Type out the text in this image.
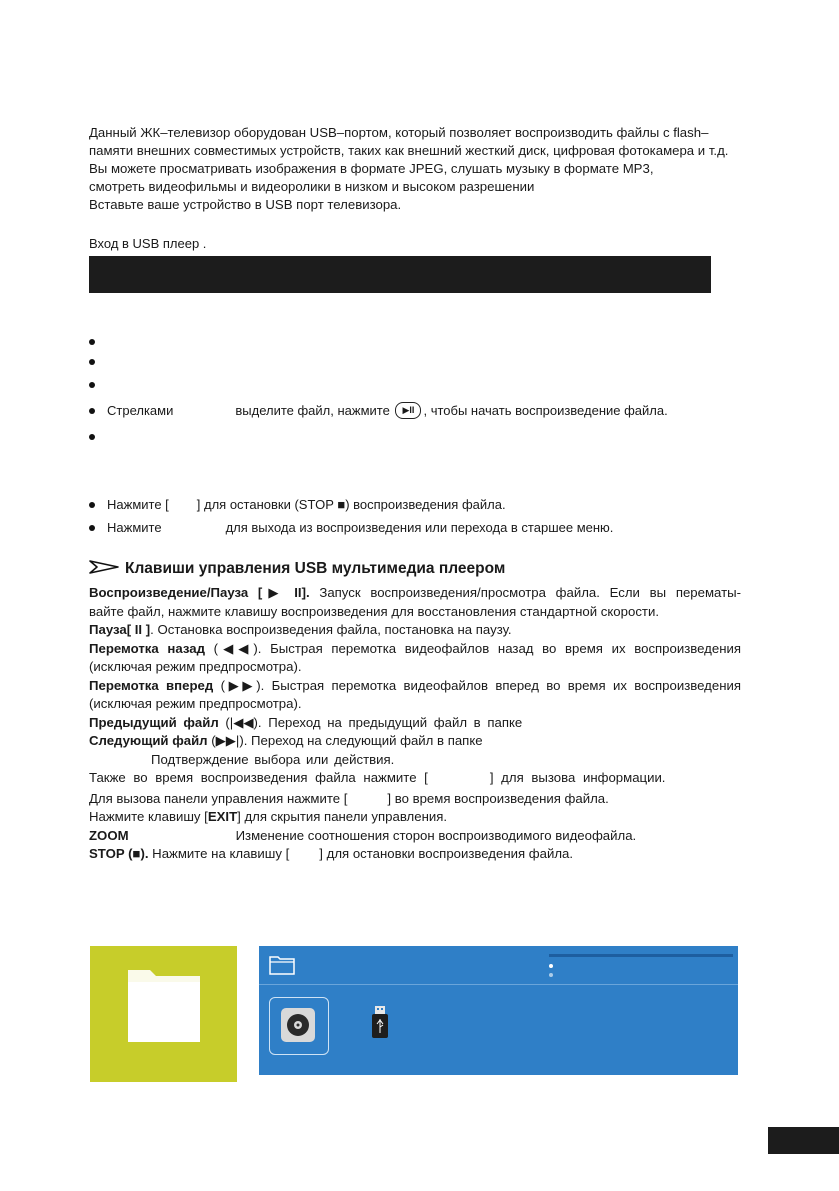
Данный ЖК–телевизор оборудован USB–портом, который позволяет воспроизводить файлы с flash–
памяти внешних совместимых устройств, таких как внешний жесткий диск, цифровая фотокамера и т.д.
Вы можете просматривать изображения в формате JPEG, слушать музыку в формате MP3,
смотреть видеофильмы и видеоролики в низком и высоком разрешении
Вставьте ваше устройство в USB порт телевизора.
Вход в USB плеер .
Стрелками	выделите файл, нажмите ▶II , чтобы начать воспроизведение файла.
Нажмите [ ] для остановки (STOP ■) воспроизведения файла.
Нажмите	для выхода из воспроизведения или перехода в старшее меню.
Клавиши управления USB мультимедиа плеером
Воспроизведение/Пауза [▶ II]. Запуск воспроизведения/просмотра файла. Если вы перематы-
вайте файл, нажмите клавишу воспроизведения для восстановления стандартной скорости.
Пауза[ II ]. Остановка воспроизведения файла, постановка на паузу.
Перемотка назад (◀◀). Быстрая перемотка видеофайлов назад во время их воспроизведения
(исключая режим предпросмотра).
Перемотка вперед (▶▶). Быстрая перемотка видеофайлов вперед во время их воспроизведения
(исключая режим предпросмотра).
Предыдущий файл (|◀◀). Переход на предыдущий файл в папке
Следующий файл (▶▶|). Переход на следующий файл в папке
Подтверждение выбора или действия.
Также во время воспроизведения файла нажмите [	] для вызова информации.
Для вызова панели управления нажмите [	] во время воспроизведения файла.
Нажмите клавишу [EXIT] для скрытия панели управления.
ZOOM	Изменение соотношения сторон воспроизводимого видеофайла.
STOP (■). Нажмите на клавишу [ ] для остановки воспроизведения файла.
